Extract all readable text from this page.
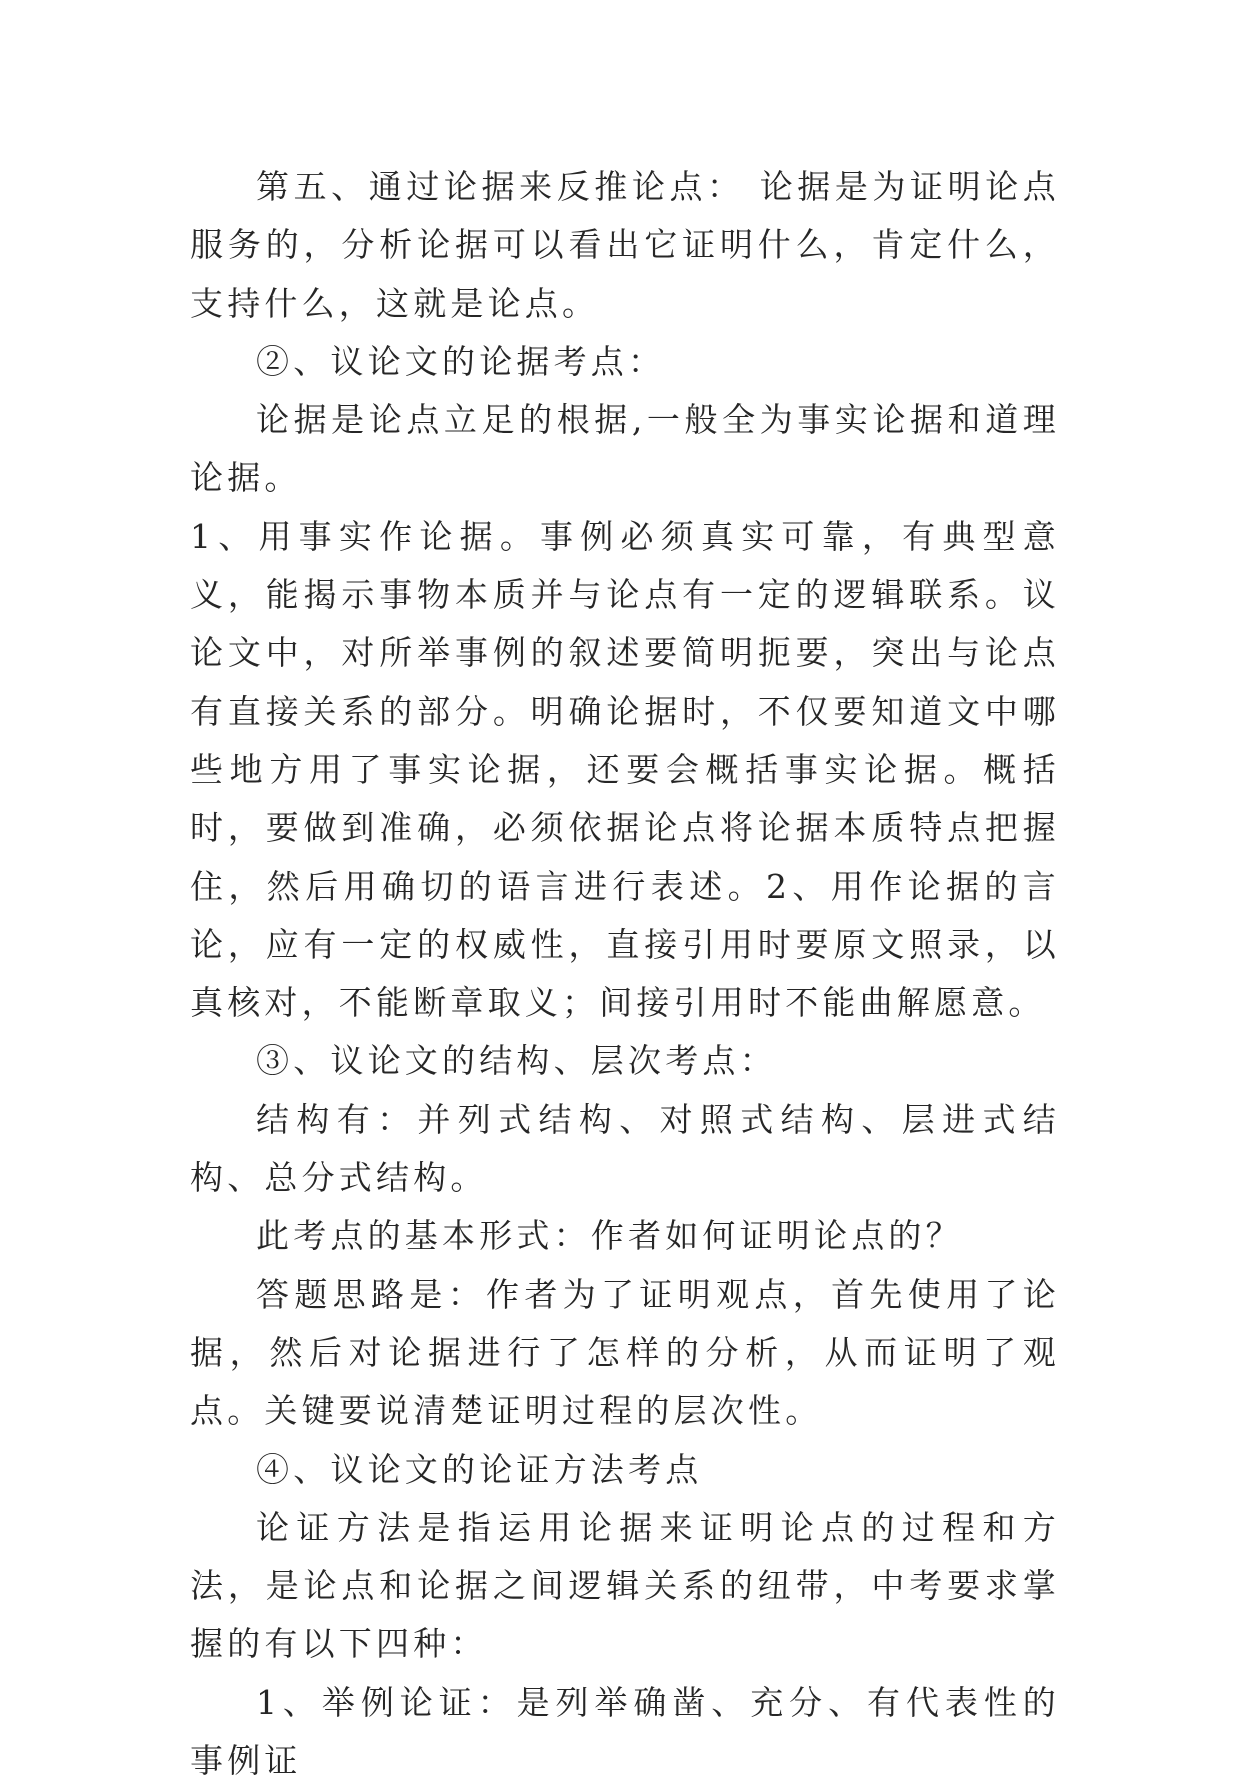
第五、通过论据来反推论点： 论据是为证明论点服务的，分析论据可以看出它证明什么，肯定什么，支持什么，这就是论点。

②、议论文的论据考点：

论据是论点立足的根据,一般全为事实论据和道理论据。

1、用事实作论据。事例必须真实可靠，有典型意义，能揭示事物本质并与论点有一定的逻辑联系。议论文中，对所举事例的叙述要简明扼要，突出与论点有直接关系的部分。明确论据时，不仅要知道文中哪些地方用了事实论据，还要会概括事实论据。概括时，要做到准确，必须依据论点将论据本质特点把握住，然后用确切的语言进行表述。2、用作论据的言论，应有一定的权威性，直接引用时要原文照录，以真核对，不能断章取义；间接引用时不能曲解愿意。

③、议论文的结构、层次考点：

结构有：并列式结构、对照式结构、层进式结构、总分式结构。

此考点的基本形式：作者如何证明论点的？

答题思路是：作者为了证明观点，首先使用了论据，然后对论据进行了怎样的分析，从而证明了观点。关键要说清楚证明过程的层次性。

④、议论文的论证方法考点

论证方法是指运用论据来证明论点的过程和方法，是论点和论据之间逻辑关系的纽带，中考要求掌握的有以下四种：

1、举例论证：是列举确凿、充分、有代表性的事例证
